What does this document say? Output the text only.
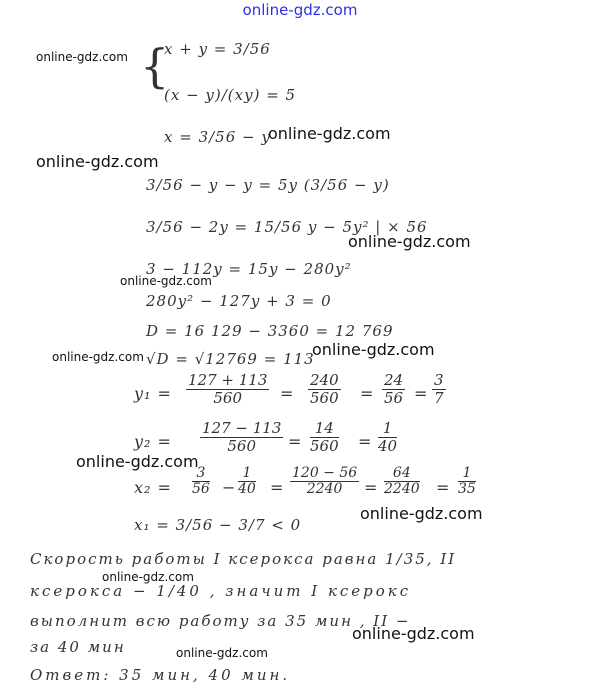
online-gdz.com
{
x + y = 3/56
(x − y)/(xy) = 5
x = 3/56 − y
3/56 − y − y = 5y (3/56 − y)
3/56 − 2y = 15/56 y − 5y² | × 56
3 − 112y = 15y − 280y²
280y² − 127y + 3 = 0
D = 16 129 − 3360 = 12 769
√D = √12769 = 113
$y_1 = \frac{127 + 113}{560} = \frac{240}{560} = \frac{24}{56} = \frac{3}{7}$
$y_2 = \frac{127 - 113}{560} = \frac{14}{560} = \frac{1}{40}$
$x_2 = \frac{3}{56} - \frac{1}{40} = \frac{120 - 56}{2240} = \frac{64}{2240} = \frac{1}{35}$
x₁ = 3/56 − 3/7 < 0
Скорость работы I ксерокса равна 1/35, II
ксерокса − 1/40 , значит I ксерокс
выполнит всю работу за 35 мин , II −
за 40 мин
Ответ: 35 мин, 40 мин.
online-gdz.com
online-gdz.com
online-gdz.com
online-gdz.com
online-gdz.com
online-gdz.com
online-gdz.com
online-gdz.com
online-gdz.com
online-gdz.com
online-gdz.com
online-gdz.com
